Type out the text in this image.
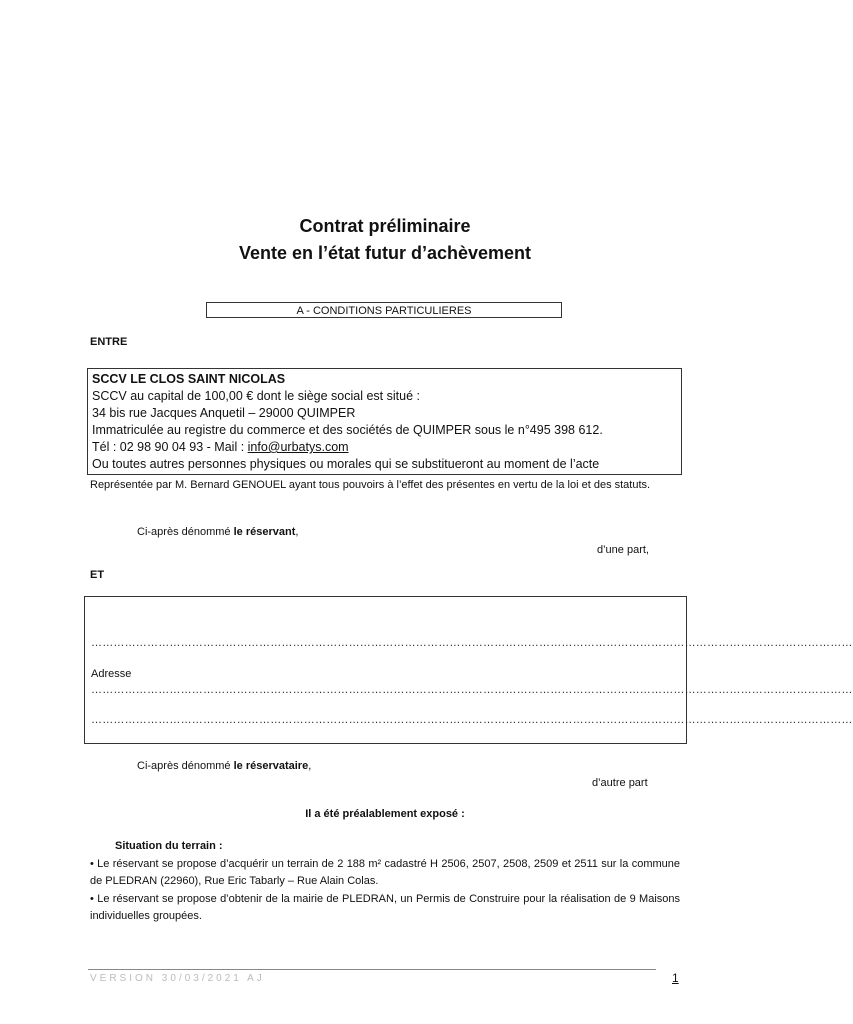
Contrat préliminaire
Vente en l’état futur d’achèvement
A - CONDITIONS PARTICULIERES
ENTRE
SCCV LE CLOS SAINT NICOLAS
SCCV au capital de 100,00 € dont le siège social est situé :
34 bis rue Jacques Anquetil – 29000 QUIMPER
Immatriculée au registre du commerce et des sociétés de QUIMPER sous le n°495 398 612.
Tél : 02 98 90 04 93 - Mail : info@urbatys.com
Ou toutes autres personnes physiques ou morales qui se substitueront au moment de l’acte
Représentée par M. Bernard GENOUEL ayant tous pouvoirs à l’effet des présentes en vertu de la loi et des statuts.
Ci-après dénommé le réservant,
d’une part,
ET
……………………………………………………………………………………………………………………………………………………………………………………
Adresse
……………………………………………………………………………………………………………………………………………………………………………………
……………………………………………………………………………………………………………………………………………………………………………………
Ci-après dénommé le réservataire,
d’autre part
Il a été préalablement exposé :
Situation du terrain :
• Le réservant se propose d’acquérir un terrain de 2 188 m² cadastré H 2506, 2507, 2508, 2509 et 2511 sur la commune de PLEDRAN (22960), Rue Eric Tabarly – Rue Alain Colas.
• Le réservant se propose d’obtenir de la mairie de PLEDRAN, un Permis de Construire pour la réalisation de 9 Maisons individuelles groupées.
VERSION 30/03/2021 AJ	1
